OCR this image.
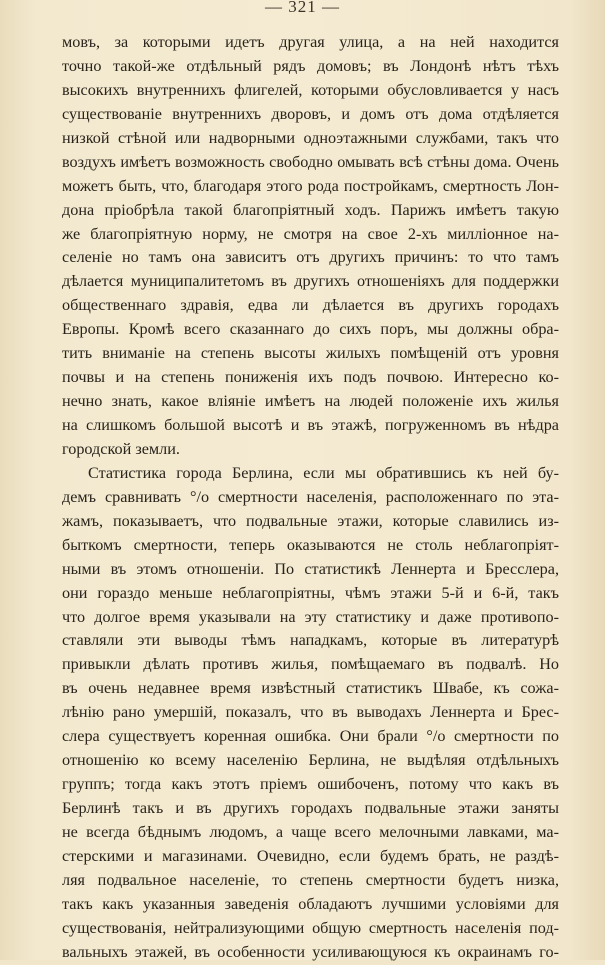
— 321 —
мовъ, за которыми идетъ другая улица, а на ней находится
точно такой-же отдѣльный рядъ домовъ; въ Лондонѣ нѣтъ тѣхъ
высокихъ внутреннихъ флигелей, которыми обусловливается у насъ
существованіе внутреннихъ дворовъ, и домъ отъ дома отдѣляется
низкой стѣной или надворными одноэтажными службами, такъ что
воздухъ имѣетъ возможность свободно омывать всѣ стѣны дома. Очень
можетъ быть, что, благодаря этого рода постройкамъ, смертность Лон-
дона пріобрѣла такой благопріятный ходъ. Парижъ имѣетъ такую
же благопріятную норму, не смотря на свое 2-хъ милліонное на-
селеніе но тамъ она зависитъ отъ другихъ причинъ: то что тамъ
дѣлается муниципалитетомъ въ другихъ отношеніяхъ для поддержки
общественнаго здравія, едва ли дѣлается въ другихъ городахъ
Европы. Кромѣ всего сказаннаго до сихъ поръ, мы должны обра-
тить вниманіе на степень высоты жилыхъ помѣщеній отъ уровня
почвы и на степень пониженія ихъ подъ почвою. Интересно ко-
нечно знать, какое вліяніе имѣетъ на людей положеніе ихъ жилья
на слишкомъ большой высотѣ и въ этажѣ, погруженномъ въ нѣдра
городской земли.
Статистика города Берлина, если мы обратившись къ ней бу-
демъ сравнивать °/о смертности населенія, расположеннаго по эта-
жамъ, показываетъ, что подвальные этажи, которые славились из-
быткомъ смертности, теперь оказываются не столь неблагопріят-
ными въ этомъ отношеніи. По статистикѣ Леннерта и Бресслера,
они гораздо меньше неблагопріятны, чѣмъ этажи 5-й и 6-й, такъ
что долгое время указывали на эту статистику и даже противопо-
ставляли эти выводы тѣмъ нападкамъ, которые въ литературѣ
привыкли дѣлать противъ жилья, помѣщаемаго въ подвалѣ. Но
въ очень недавнее время извѣстный статистикъ Швабе, къ сожа-
лѣнію рано умершій, показалъ, что въ выводахъ Леннерта и Брес-
слера существуетъ коренная ошибка. Они брали °/о смертности по
отношенію ко всему населенію Берлина, не выдѣляя отдѣльныхъ
группъ; тогда какъ этотъ пріемъ ошибоченъ, потому что какъ въ
Берлинѣ такъ и въ другихъ городахъ подвальные этажи заняты
не всегда бѣднымъ людомъ, а чаще всего мелочными лавками, ма-
стерскими и магазинами. Очевидно, если будемъ брать, не раздѣ-
ляя подвальное населеніе, то степень смертности будетъ низка,
такъ какъ указанныя заведенія обладаютъ лучшими условіями для
существованія, нейтрализующими общую смертность населенія под-
вальныхъ этажей, въ особенности усиливающуюся къ окраинамъ го-
